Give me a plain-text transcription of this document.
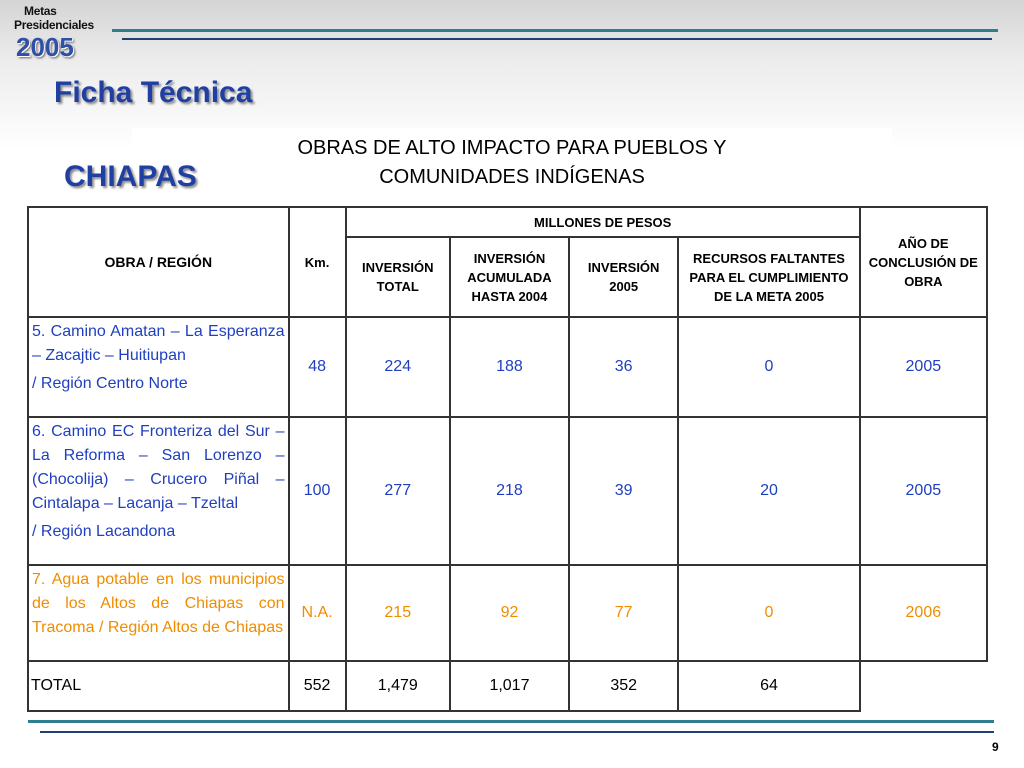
Metas
Presidenciales
2005
Ficha Técnica
OBRAS DE ALTO IMPACTO PARA PUEBLOS Y
COMUNIDADES INDÍGENAS
CHIAPAS
OBRA / REGIÓN	Km.	MILLONES DE PESOS				AÑO DE CONCLUSIÓN DE OBRA
		INVERSIÓN TOTAL	INVERSIÓN ACUMULADA HASTA 2004	INVERSIÓN 2005	RECURSOS FALTANTES PARA EL CUMPLIMIENTO DE LA META 2005	
5. Camino Amatan – La Esperanza – Zacajtic – Huitiupan
/ Región Centro Norte	48	224	188	36	0	2005
6. Camino EC Fronteriza del Sur – La Reforma – San Lorenzo – (Chocolija) – Crucero Piñal – Cintalapa – Lacanja – Tzeltal
/ Región Lacandona	100	277	218	39	20	2005
7. Agua potable en los municipios de los Altos de Chiapas con Tracoma / Región Altos de Chiapas	N.A.	215	92	77	0	2006
TOTAL	552	1,479	1,017	352	64	
9
